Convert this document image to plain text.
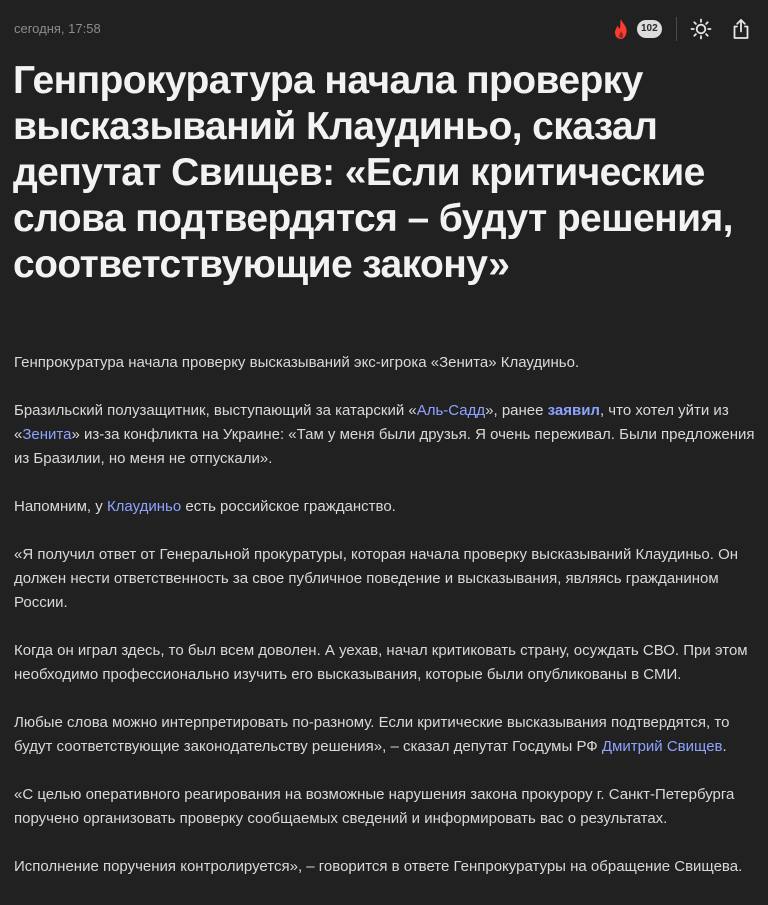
сегодня, 17:58	102
Генпрокуратура начала проверку высказываний Клаудиньо, сказал депутат Свищев: «Если критические слова подтвердятся – будут решения, соответствующие закону»

Генпрокуратура начала проверку высказываний экс-игрока «Зенита» Клаудиньо.

Бразильский полузащитник, выступающий за катарский «Аль-Садд», ранее заявил, что хотел уйти из «Зенита» из-за конфликта на Украине: «Там у меня были друзья. Я очень переживал. Были предложения из Бразилии, но меня не отпускали».

Напомним, у Клаудиньо есть российское гражданство.

«Я получил ответ от Генеральной прокуратуры, которая начала проверку высказываний Клаудиньо. Он должен нести ответственность за свое публичное поведение и высказывания, являясь гражданином России.

Когда он играл здесь, то был всем доволен. А уехав, начал критиковать страну, осуждать СВО. При этом необходимо профессионально изучить его высказывания, которые были опубликованы в СМИ.

Любые слова можно интерпретировать по-разному. Если критические высказывания подтвердятся, то будут соответствующие законодательству решения», – сказал депутат Госдумы РФ Дмитрий Свищев.

«С целью оперативного реагирования на возможные нарушения закона прокурору г. Санкт-Петербурга поручено организовать проверку сообщаемых сведений и информировать вас о результатах.

Исполнение поручения контролируется», – говорится в ответе Генпрокуратуры на обращение Свищева.
